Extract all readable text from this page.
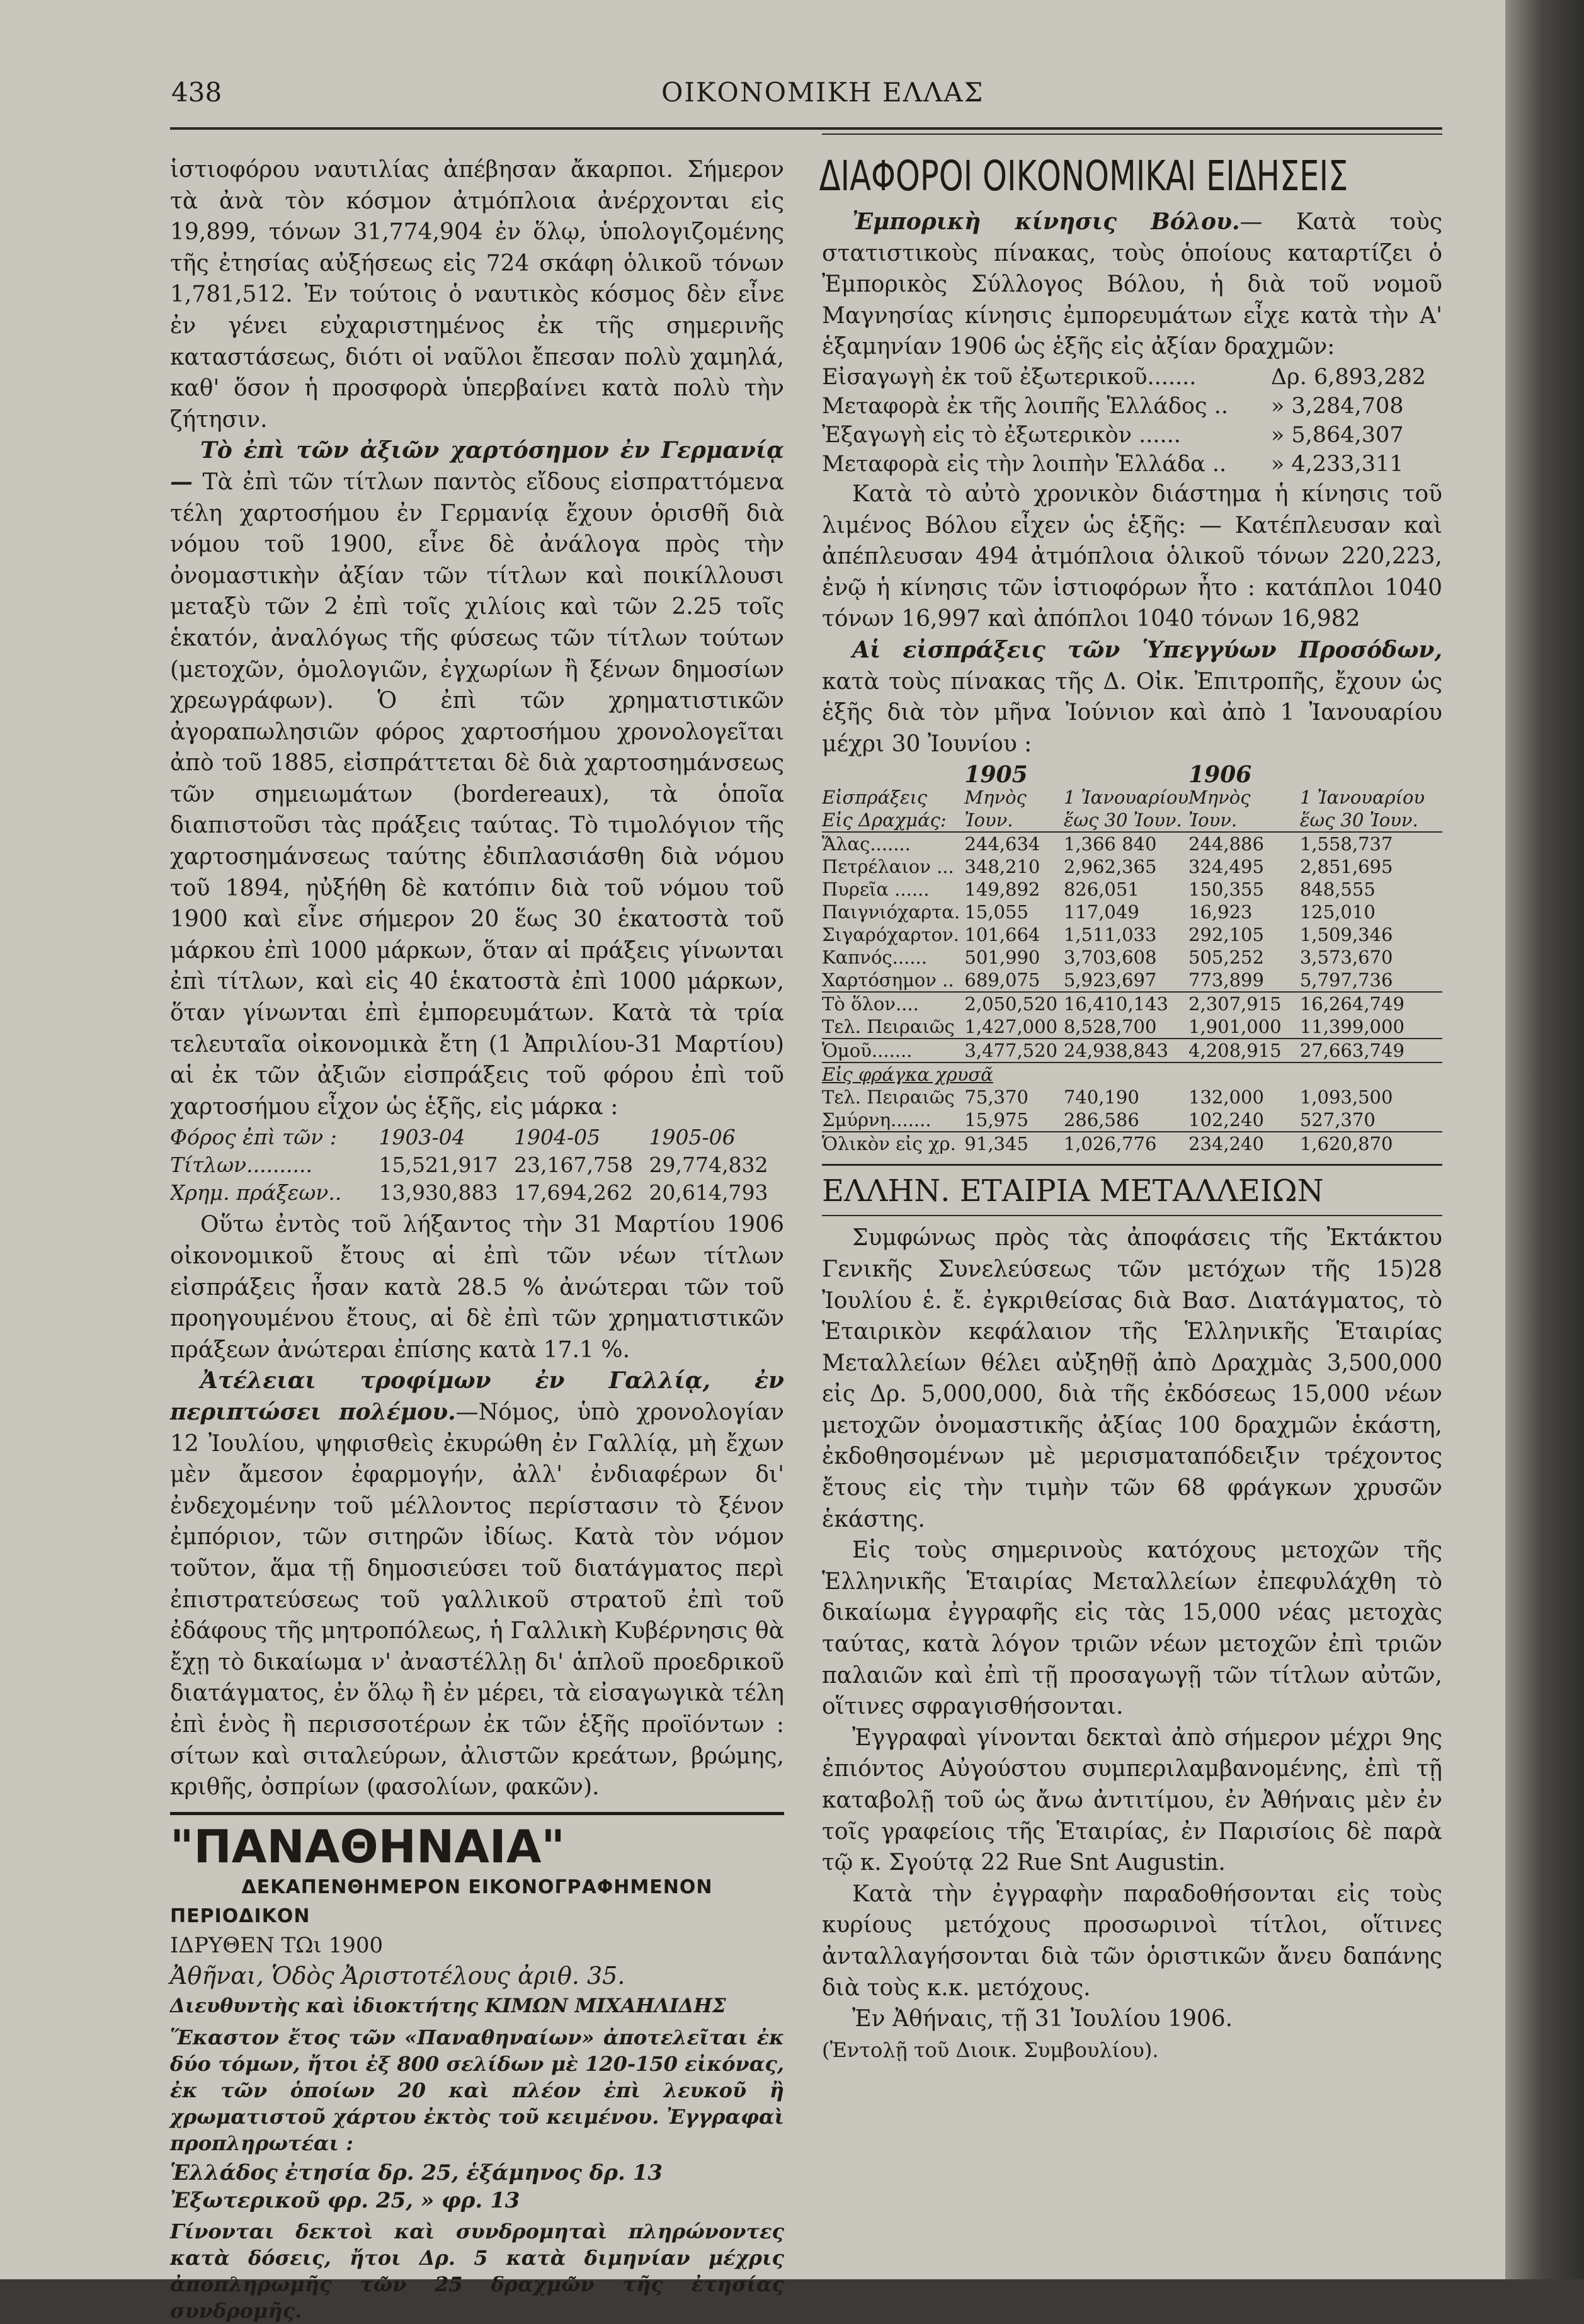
438	ΟΙΚΟΝΟΜΙΚΗ ΕΛΛΑΣ

ἱστιοφόρου ναυτιλίας ἀπέβησαν ἄκαρποι. Σήμερον τὰ ἀνὰ τὸν κόσμον ἀτμόπλοια ἀνέρχονται εἰς 19,899, τόνων 31,774,904 ἐν ὅλῳ, ὑπολογιζομένης τῆς ἐτησίας αὐξήσεως εἰς 724 σκάφη ὁλικοῦ τόνων 1,781,512. Ἐν τούτοις ὁ ναυτικὸς κόσμος δὲν εἶνε ἐν γένει εὐχαριστημένος ἐκ τῆς σημερινῆς καταστάσεως, διότι οἱ ναῦλοι ἔπεσαν πολὺ χαμηλά, καθ' ὅσον ἡ προσφορὰ ὑπερβαίνει κατὰ πολὺ τὴν ζήτησιν.

Τὸ ἐπὶ τῶν ἀξιῶν χαρτόσημον ἐν Γερμανίᾳ — Τὰ ἐπὶ τῶν τίτλων παντὸς εἴδους εἰσπραττόμενα τέλη χαρτοσήμου ἐν Γερμανίᾳ ἔχουν ὁρισθῆ διὰ νόμου τοῦ 1900, εἶνε δὲ ἀνάλογα πρὸς τὴν ὀνομαστικὴν ἀξίαν τῶν τίτλων καὶ ποικίλλουσι μεταξὺ τῶν 2 ἐπὶ τοῖς χιλίοις καὶ τῶν 2.25 τοῖς ἑκατόν, ἀναλόγως τῆς φύσεως τῶν τίτλων τούτων (μετοχῶν, ὁμολογιῶν, ἐγχωρίων ἢ ξένων δημοσίων χρεωγράφων). Ὁ ἐπὶ τῶν χρηματιστικῶν ἀγοραπωλησιῶν φόρος χαρτοσήμου χρονολογεῖται ἀπὸ τοῦ 1885, εἰσπράττεται δὲ διὰ χαρτοσημάνσεως τῶν σημειωμάτων (bordereaux), τὰ ὁποῖα διαπιστοῦσι τὰς πράξεις ταύτας. Τὸ τιμολόγιον τῆς χαρτοσημάνσεως ταύτης ἐδιπλασιάσθη διὰ νόμου τοῦ 1894, ηὐξήθη δὲ κατόπιν διὰ τοῦ νόμου τοῦ 1900 καὶ εἶνε σήμερον 20 ἕως 30 ἑκατοστὰ τοῦ μάρκου ἐπὶ 1000 μάρκων, ὅταν αἱ πράξεις γίνωνται ἐπὶ τίτλων, καὶ εἰς 40 ἑκατοστὰ ἐπὶ 1000 μάρκων, ὅταν γίνωνται ἐπὶ ἐμπορευμάτων. Κατὰ τὰ τρία τελευταῖα οἰκονομικὰ ἔτη (1 Ἀπριλίου-31 Μαρτίου) αἱ ἐκ τῶν ἀξιῶν εἰσπράξεις τοῦ φόρου ἐπὶ τοῦ χαρτοσήμου εἶχον ὡς ἑξῆς, εἰς μάρκα :

Φόρος ἐπὶ τῶν :	1903-04	1904-05	1905-06
Τίτλων..........	15,521,917	23,167,758	29,774,832
Χρημ. πράξεων..	13,930,883	17,694,262	20,614,793

Οὕτω ἐντὸς τοῦ λήξαντος τὴν 31 Μαρτίου 1906 οἰκονομικοῦ ἔτους αἱ ἐπὶ τῶν νέων τίτλων εἰσπράξεις ἦσαν κατὰ 28.5 % ἀνώτεραι τῶν τοῦ προηγουμένου ἔτους, αἱ δὲ ἐπὶ τῶν χρηματιστικῶν πράξεων ἀνώτεραι ἐπίσης κατὰ 17.1 %.

Ἀτέλειαι τροφίμων ἐν Γαλλίᾳ, ἐν περιπτώσει πολέμου.—Νόμος, ὑπὸ χρονολογίαν 12 Ἰουλίου, ψηφισθεὶς ἐκυρώθη ἐν Γαλλίᾳ, μὴ ἔχων μὲν ἄμεσον ἐφαρμογήν, ἀλλ' ἐνδιαφέρων δι' ἐνδεχομένην τοῦ μέλλοντος περίστασιν τὸ ξένον ἐμπόριον, τῶν σιτηρῶν ἰδίως. Κατὰ τὸν νόμον τοῦτον, ἅμα τῇ δημοσιεύσει τοῦ διατάγματος περὶ ἐπιστρατεύσεως τοῦ γαλλικοῦ στρατοῦ ἐπὶ τοῦ ἐδάφους τῆς μητροπόλεως, ἡ Γαλλικὴ Κυβέρνησις θὰ ἔχῃ τὸ δικαίωμα ν' ἀναστέλλῃ δι' ἁπλοῦ προεδρικοῦ διατάγματος, ἐν ὅλῳ ἢ ἐν μέρει, τὰ εἰσαγωγικὰ τέλη ἐπὶ ἑνὸς ἢ περισσοτέρων ἐκ τῶν ἑξῆς προϊόντων : σίτων καὶ σιταλεύρων, ἀλιστῶν κρεάτων, βρώμης, κριθῆς, ὀσπρίων (φασολίων, φακῶν).

"ΠΑΝΑΘΗΝΑΙΑ"
ΔΕΚΑΠΕΝΘΗΜΕΡΟΝ ΕΙΚΟΝΟΓΡΑΦΗΜΕΝΟΝ ΠΕΡΙΟΔΙΚΟΝ
ΙΔΡΥΘΕΝ ΤΩι 1900
Ἀθῆναι, Ὁδὸς Ἀριστοτέλους ἀριθ. 35.
Διευθυντὴς καὶ ἰδιοκτήτης ΚΙΜΩΝ ΜΙΧΑΗΛΙΔΗΣ

Ἕκαστον ἔτος τῶν «Παναθηναίων» ἀποτελεῖται ἐκ δύο τόμων, ἤτοι ἐξ 800 σελίδων μὲ 120-150 εἰκόνας, ἐκ τῶν ὁποίων 20 καὶ πλέον ἐπὶ λευκοῦ ἢ χρωματιστοῦ χάρτου ἐκτὸς τοῦ κειμένου. Ἐγγραφαὶ προπληρωτέαι :

Ἑλλάδος ἐτησία δρ. 25, ἑξάμηνος δρ. 13
Ἐξωτερικοῦ φρ. 25, » φρ. 13

Γίνονται δεκτοὶ καὶ συνδρομηταὶ πληρώνοντες κατὰ δόσεις, ἤτοι Δρ. 5 κατὰ διμηνίαν μέχρις ἀποπληρωμῆς τῶν 25 δραχμῶν τῆς ἐτησίας συνδρομῆς.

ΔΙΑΦΟΡΟΙ ΟΙΚΟΝΟΜΙΚΑΙ ΕΙΔΗΣΕΙΣ

Ἐμπορικὴ κίνησις Βόλου.— Κατὰ τοὺς στατιστικοὺς πίνακας, τοὺς ὁποίους καταρτίζει ὁ Ἐμπορικὸς Σύλλογος Βόλου, ἡ διὰ τοῦ νομοῦ Μαγνησίας κίνησις ἐμπορευμάτων εἶχε κατὰ τὴν Α' ἑξαμηνίαν 1906 ὡς ἑξῆς εἰς ἀξίαν δραχμῶν:

Εἰσαγωγὴ ἐκ τοῦ ἐξωτερικοῦ.......	Δρ. 6,893,282
Μεταφορὰ ἐκ τῆς λοιπῆς Ἑλλάδος ..	» 3,284,708
Ἐξαγωγὴ εἰς τὸ ἐξωτερικὸν ......	» 5,864,307
Μεταφορὰ εἰς τὴν λοιπὴν Ἑλλάδα ..	» 4,233,311

Κατὰ τὸ αὐτὸ χρονικὸν διάστημα ἡ κίνησις τοῦ λιμένος Βόλου εἶχεν ὡς ἑξῆς: — Κατέπλευσαν καὶ ἀπέπλευσαν 494 ἀτμόπλοια ὁλικοῦ τόνων 220,223, ἐνῷ ἡ κίνησις τῶν ἱστιοφόρων ἦτο : κατάπλοι 1040 τόνων 16,997 καὶ ἀπόπλοι 1040 τόνων 16,982

Αἱ εἰσπράξεις τῶν Ὑπεγγύων Προσόδων, κατὰ τοὺς πίνακας τῆς Δ. Οἰκ. Ἐπιτροπῆς, ἔχουν ὡς ἑξῆς διὰ τὸν μῆνα Ἰούνιον καὶ ἀπὸ 1 Ἰανουαρίου μέχρι 30 Ἰουνίου :

	1905		1906	
Εἰσπράξεις	Μηνὸς	1 Ἰανουαρίου	Μηνὸς	1 Ἰανουαρίου
Εἰς Δραχμάς:	Ἰουν.	ἕως 30 Ἰουν.	Ἰουν.	ἕως 30 Ἰουν.
Ἅλας.......	244,634	1,366 840	244,886	1,558,737
Πετρέλαιον ...	348,210	2,962,365	324,495	2,851,695
Πυρεῖα ......	149,892	826,051	150,355	848,555
Παιγνιόχαρτα.	15,055	117,049	16,923	125,010
Σιγαρόχαρτον.	101,664	1,511,033	292,105	1,509,346
Καπνός......	501,990	3,703,608	505,252	3,573,670
Χαρτόσημον ..	689,075	5,923,697	773,899	5,797,736
Τὸ ὅλον....	2,050,520	16,410,143	2,307,915	16,264,749
Τελ. Πειραιῶς	1,427,000	8,528,700	1,901,000	11,399,000
Ὁμοῦ.......	3,477,520	24,938,843	4,208,915	27,663,749
Εἰς φράγκα χρυσᾶ				
Τελ. Πειραιῶς	75,370	740,190	132,000	1,093,500
Σμύρνη.......	15,975	286,586	102,240	527,370
Ὁλικὸν εἰς χρ.	91,345	1,026,776	234,240	1,620,870
ΕΛΛΗΝ. ΕΤΑΙΡΙΑ ΜΕΤΑΛΛΕΙΩΝ

Συμφώνως πρὸς τὰς ἀποφάσεις τῆς Ἐκτάκτου Γενικῆς Συνελεύσεως τῶν μετόχων τῆς 15)28 Ἰουλίου ἑ. ἔ. ἐγκριθείσας διὰ Βασ. Διατάγματος, τὸ Ἑταιρικὸν κεφάλαιον τῆς Ἑλληνικῆς Ἑταιρίας Μεταλλείων θέλει αὐξηθῇ ἀπὸ Δραχμὰς 3,500,000 εἰς Δρ. 5,000,000, διὰ τῆς ἐκδόσεως 15,000 νέων μετοχῶν ὀνομαστικῆς ἀξίας 100 δραχμῶν ἑκάστη, ἐκδοθησομένων μὲ μερισματαπόδειξιν τρέχοντος ἔτους εἰς τὴν τιμὴν τῶν 68 φράγκων χρυσῶν ἑκάστης.

Εἰς τοὺς σημερινοὺς κατόχους μετοχῶν τῆς Ἑλληνικῆς Ἑταιρίας Μεταλλείων ἐπεφυλάχθη τὸ δικαίωμα ἐγγραφῆς εἰς τὰς 15,000 νέας μετοχὰς ταύτας, κατὰ λόγον τριῶν νέων μετοχῶν ἐπὶ τριῶν παλαιῶν καὶ ἐπὶ τῇ προσαγωγῇ τῶν τίτλων αὐτῶν, οἵτινες σφραγισθήσονται.

Ἐγγραφαὶ γίνονται δεκταὶ ἀπὸ σήμερον μέχρι 9ης ἐπιόντος Αὐγούστου συμπεριλαμβανομένης, ἐπὶ τῇ καταβολῇ τοῦ ὡς ἄνω ἀντιτίμου, ἐν Ἀθήναις μὲν ἐν τοῖς γραφείοις τῆς Ἑταιρίας, ἐν Παρισίοις δὲ παρὰ τῷ κ. Σγούτᾳ 22 Rue Snt Augustin.

Κατὰ τὴν ἐγγραφὴν παραδοθήσονται εἰς τοὺς κυρίους μετόχους προσωρινοὶ τίτλοι, οἵτινες ἀνταλλαγήσονται διὰ τῶν ὁριστικῶν ἄνευ δαπάνης διὰ τοὺς κ.κ. μετόχους.

Ἐν Ἀθήναις, τῇ 31 Ἰουλίου 1906.

(Ἐντολῇ τοῦ Διοικ. Συμβουλίου).
